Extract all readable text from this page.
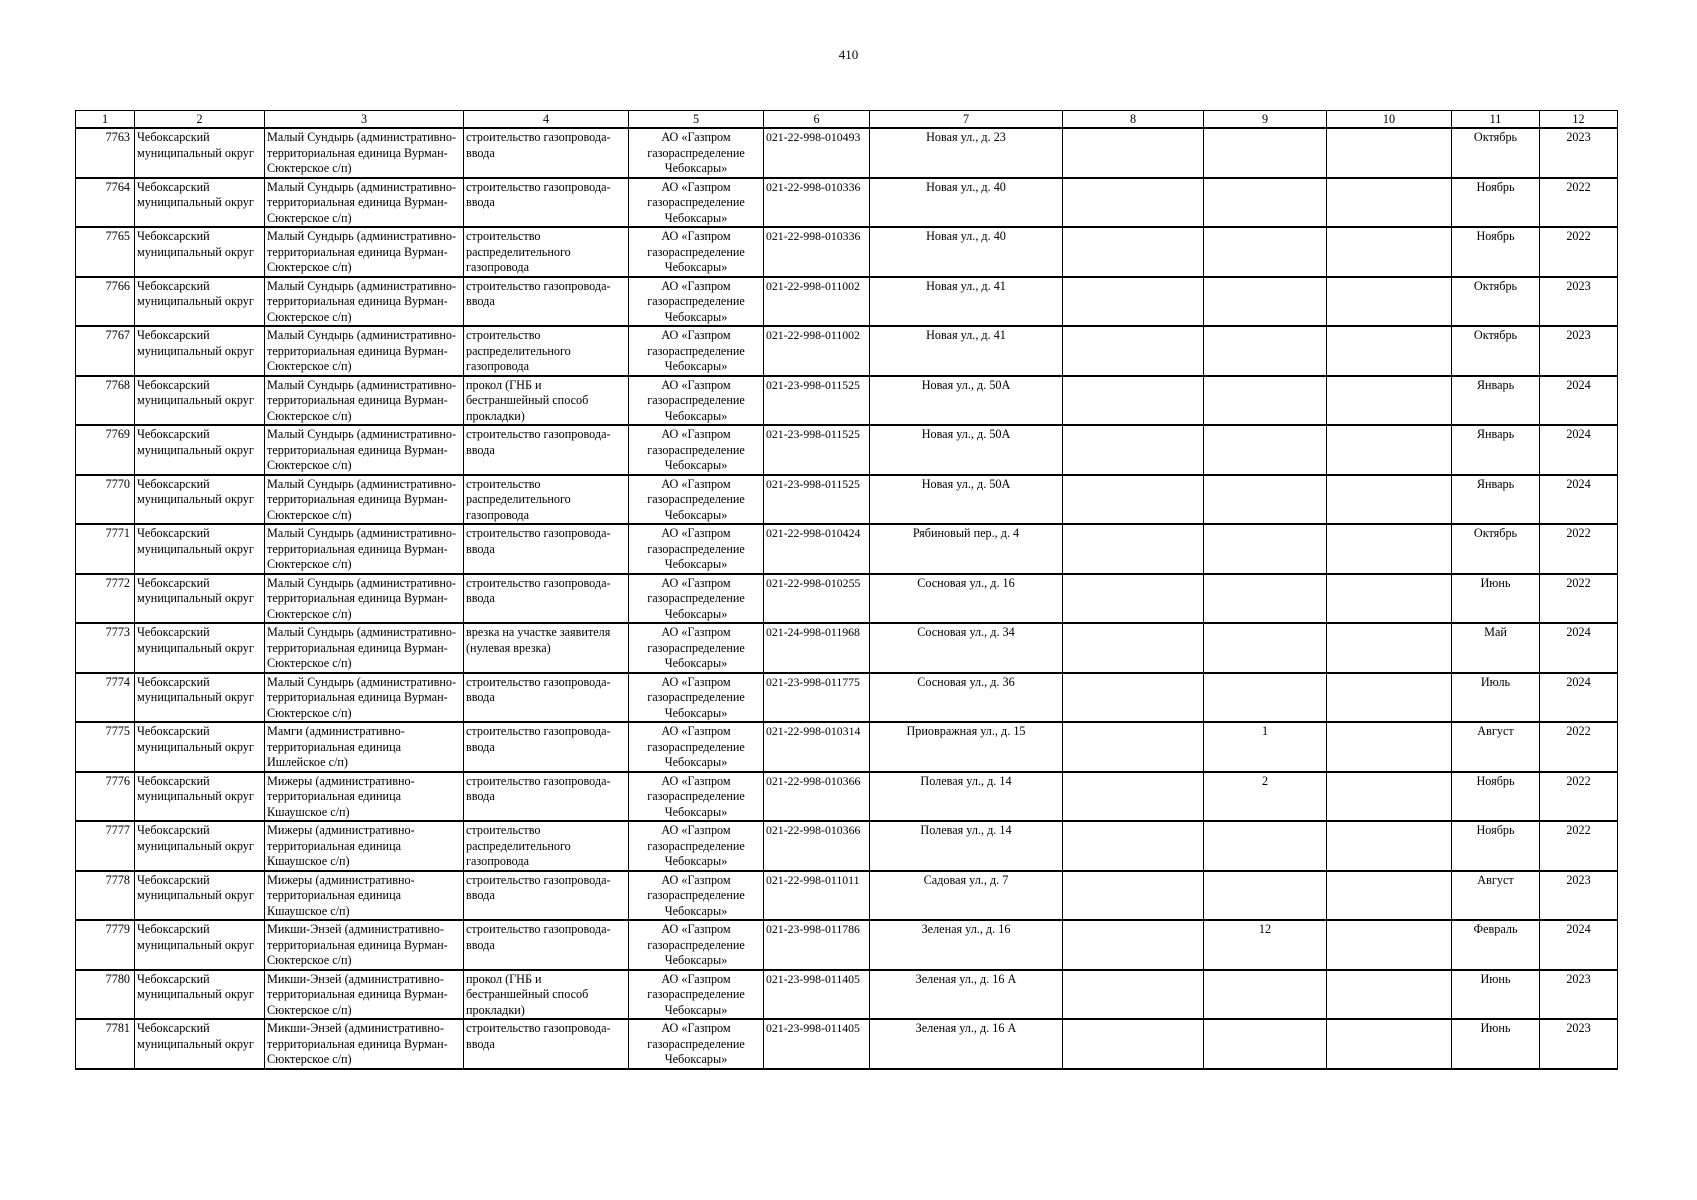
410
1	2	3	4	5	6	7	8	9	10	11	12
7763	Чебоксарский муниципальный округ	Малый Сундырь (административно-территориальная единица Вурман-Сюктерское с/п)	строительство газопровода-ввода	АО «Газпром газораспределение Чебоксары»	021-22-998-010493	Новая ул., д. 23				Октябрь	2023
7764	Чебоксарский муниципальный округ	Малый Сундырь (административно-территориальная единица Вурман-Сюктерское с/п)	строительство газопровода-ввода	АО «Газпром газораспределение Чебоксары»	021-22-998-010336	Новая ул., д. 40				Ноябрь	2022
7765	Чебоксарский муниципальный округ	Малый Сундырь (административно-территориальная единица Вурман-Сюктерское с/п)	строительство распределительного газопровода	АО «Газпром газораспределение Чебоксары»	021-22-998-010336	Новая ул., д. 40				Ноябрь	2022
7766	Чебоксарский муниципальный округ	Малый Сундырь (административно-территориальная единица Вурман-Сюктерское с/п)	строительство газопровода-ввода	АО «Газпром газораспределение Чебоксары»	021-22-998-011002	Новая ул., д. 41				Октябрь	2023
7767	Чебоксарский муниципальный округ	Малый Сундырь (административно-территориальная единица Вурман-Сюктерское с/п)	строительство распределительного газопровода	АО «Газпром газораспределение Чебоксары»	021-22-998-011002	Новая ул., д. 41				Октябрь	2023
7768	Чебоксарский муниципальный округ	Малый Сундырь (административно-территориальная единица Вурман-Сюктерское с/п)	прокол (ГНБ и бестраншейный способ прокладки)	АО «Газпром газораспределение Чебоксары»	021-23-998-011525	Новая ул., д. 50А				Январь	2024
7769	Чебоксарский муниципальный округ	Малый Сундырь (административно-территориальная единица Вурман-Сюктерское с/п)	строительство газопровода-ввода	АО «Газпром газораспределение Чебоксары»	021-23-998-011525	Новая ул., д. 50А				Январь	2024
7770	Чебоксарский муниципальный округ	Малый Сундырь (административно-территориальная единица Вурман-Сюктерское с/п)	строительство распределительного газопровода	АО «Газпром газораспределение Чебоксары»	021-23-998-011525	Новая ул., д. 50А				Январь	2024
7771	Чебоксарский муниципальный округ	Малый Сундырь (административно-территориальная единица Вурман-Сюктерское с/п)	строительство газопровода-ввода	АО «Газпром газораспределение Чебоксары»	021-22-998-010424	Рябиновый пер., д. 4				Октябрь	2022
7772	Чебоксарский муниципальный округ	Малый Сундырь (административно-территориальная единица Вурман-Сюктерское с/п)	строительство газопровода-ввода	АО «Газпром газораспределение Чебоксары»	021-22-998-010255	Сосновая ул., д. 16				Июнь	2022
7773	Чебоксарский муниципальный округ	Малый Сундырь (административно-территориальная единица Вурман-Сюктерское с/п)	врезка на участке заявителя (нулевая врезка)	АО «Газпром газораспределение Чебоксары»	021-24-998-011968	Сосновая ул., д. 34				Май	2024
7774	Чебоксарский муниципальный округ	Малый Сундырь (административно-территориальная единица Вурман-Сюктерское с/п)	строительство газопровода-ввода	АО «Газпром газораспределение Чебоксары»	021-23-998-011775	Сосновая ул., д. 36				Июль	2024
7775	Чебоксарский муниципальный округ	Мамги (административно-территориальная единица Ишлейское с/п)	строительство газопровода-ввода	АО «Газпром газораспределение Чебоксары»	021-22-998-010314	Приовражная ул., д. 15		1		Август	2022
7776	Чебоксарский муниципальный округ	Мижеры (административно-территориальная единица Кшаушское с/п)	строительство газопровода-ввода	АО «Газпром газораспределение Чебоксары»	021-22-998-010366	Полевая ул., д. 14		2		Ноябрь	2022
7777	Чебоксарский муниципальный округ	Мижеры (административно-территориальная единица Кшаушское с/п)	строительство распределительного газопровода	АО «Газпром газораспределение Чебоксары»	021-22-998-010366	Полевая ул., д. 14				Ноябрь	2022
7778	Чебоксарский муниципальный округ	Мижеры (административно-территориальная единица Кшаушское с/п)	строительство газопровода-ввода	АО «Газпром газораспределение Чебоксары»	021-22-998-011011	Садовая ул., д. 7				Август	2023
7779	Чебоксарский муниципальный округ	Микши-Энзей (административно-территориальная единица Вурман-Сюктерское с/п)	строительство газопровода-ввода	АО «Газпром газораспределение Чебоксары»	021-23-998-011786	Зеленая ул., д. 16		12		Февраль	2024
7780	Чебоксарский муниципальный округ	Микши-Энзей (административно-территориальная единица Вурман-Сюктерское с/п)	прокол (ГНБ и бестраншейный способ прокладки)	АО «Газпром газораспределение Чебоксары»	021-23-998-011405	Зеленая ул., д. 16 А				Июнь	2023
7781	Чебоксарский муниципальный округ	Микши-Энзей (административно-территориальная единица Вурман-Сюктерское с/п)	строительство газопровода-ввода	АО «Газпром газораспределение Чебоксары»	021-23-998-011405	Зеленая ул., д. 16 А				Июнь	2023
